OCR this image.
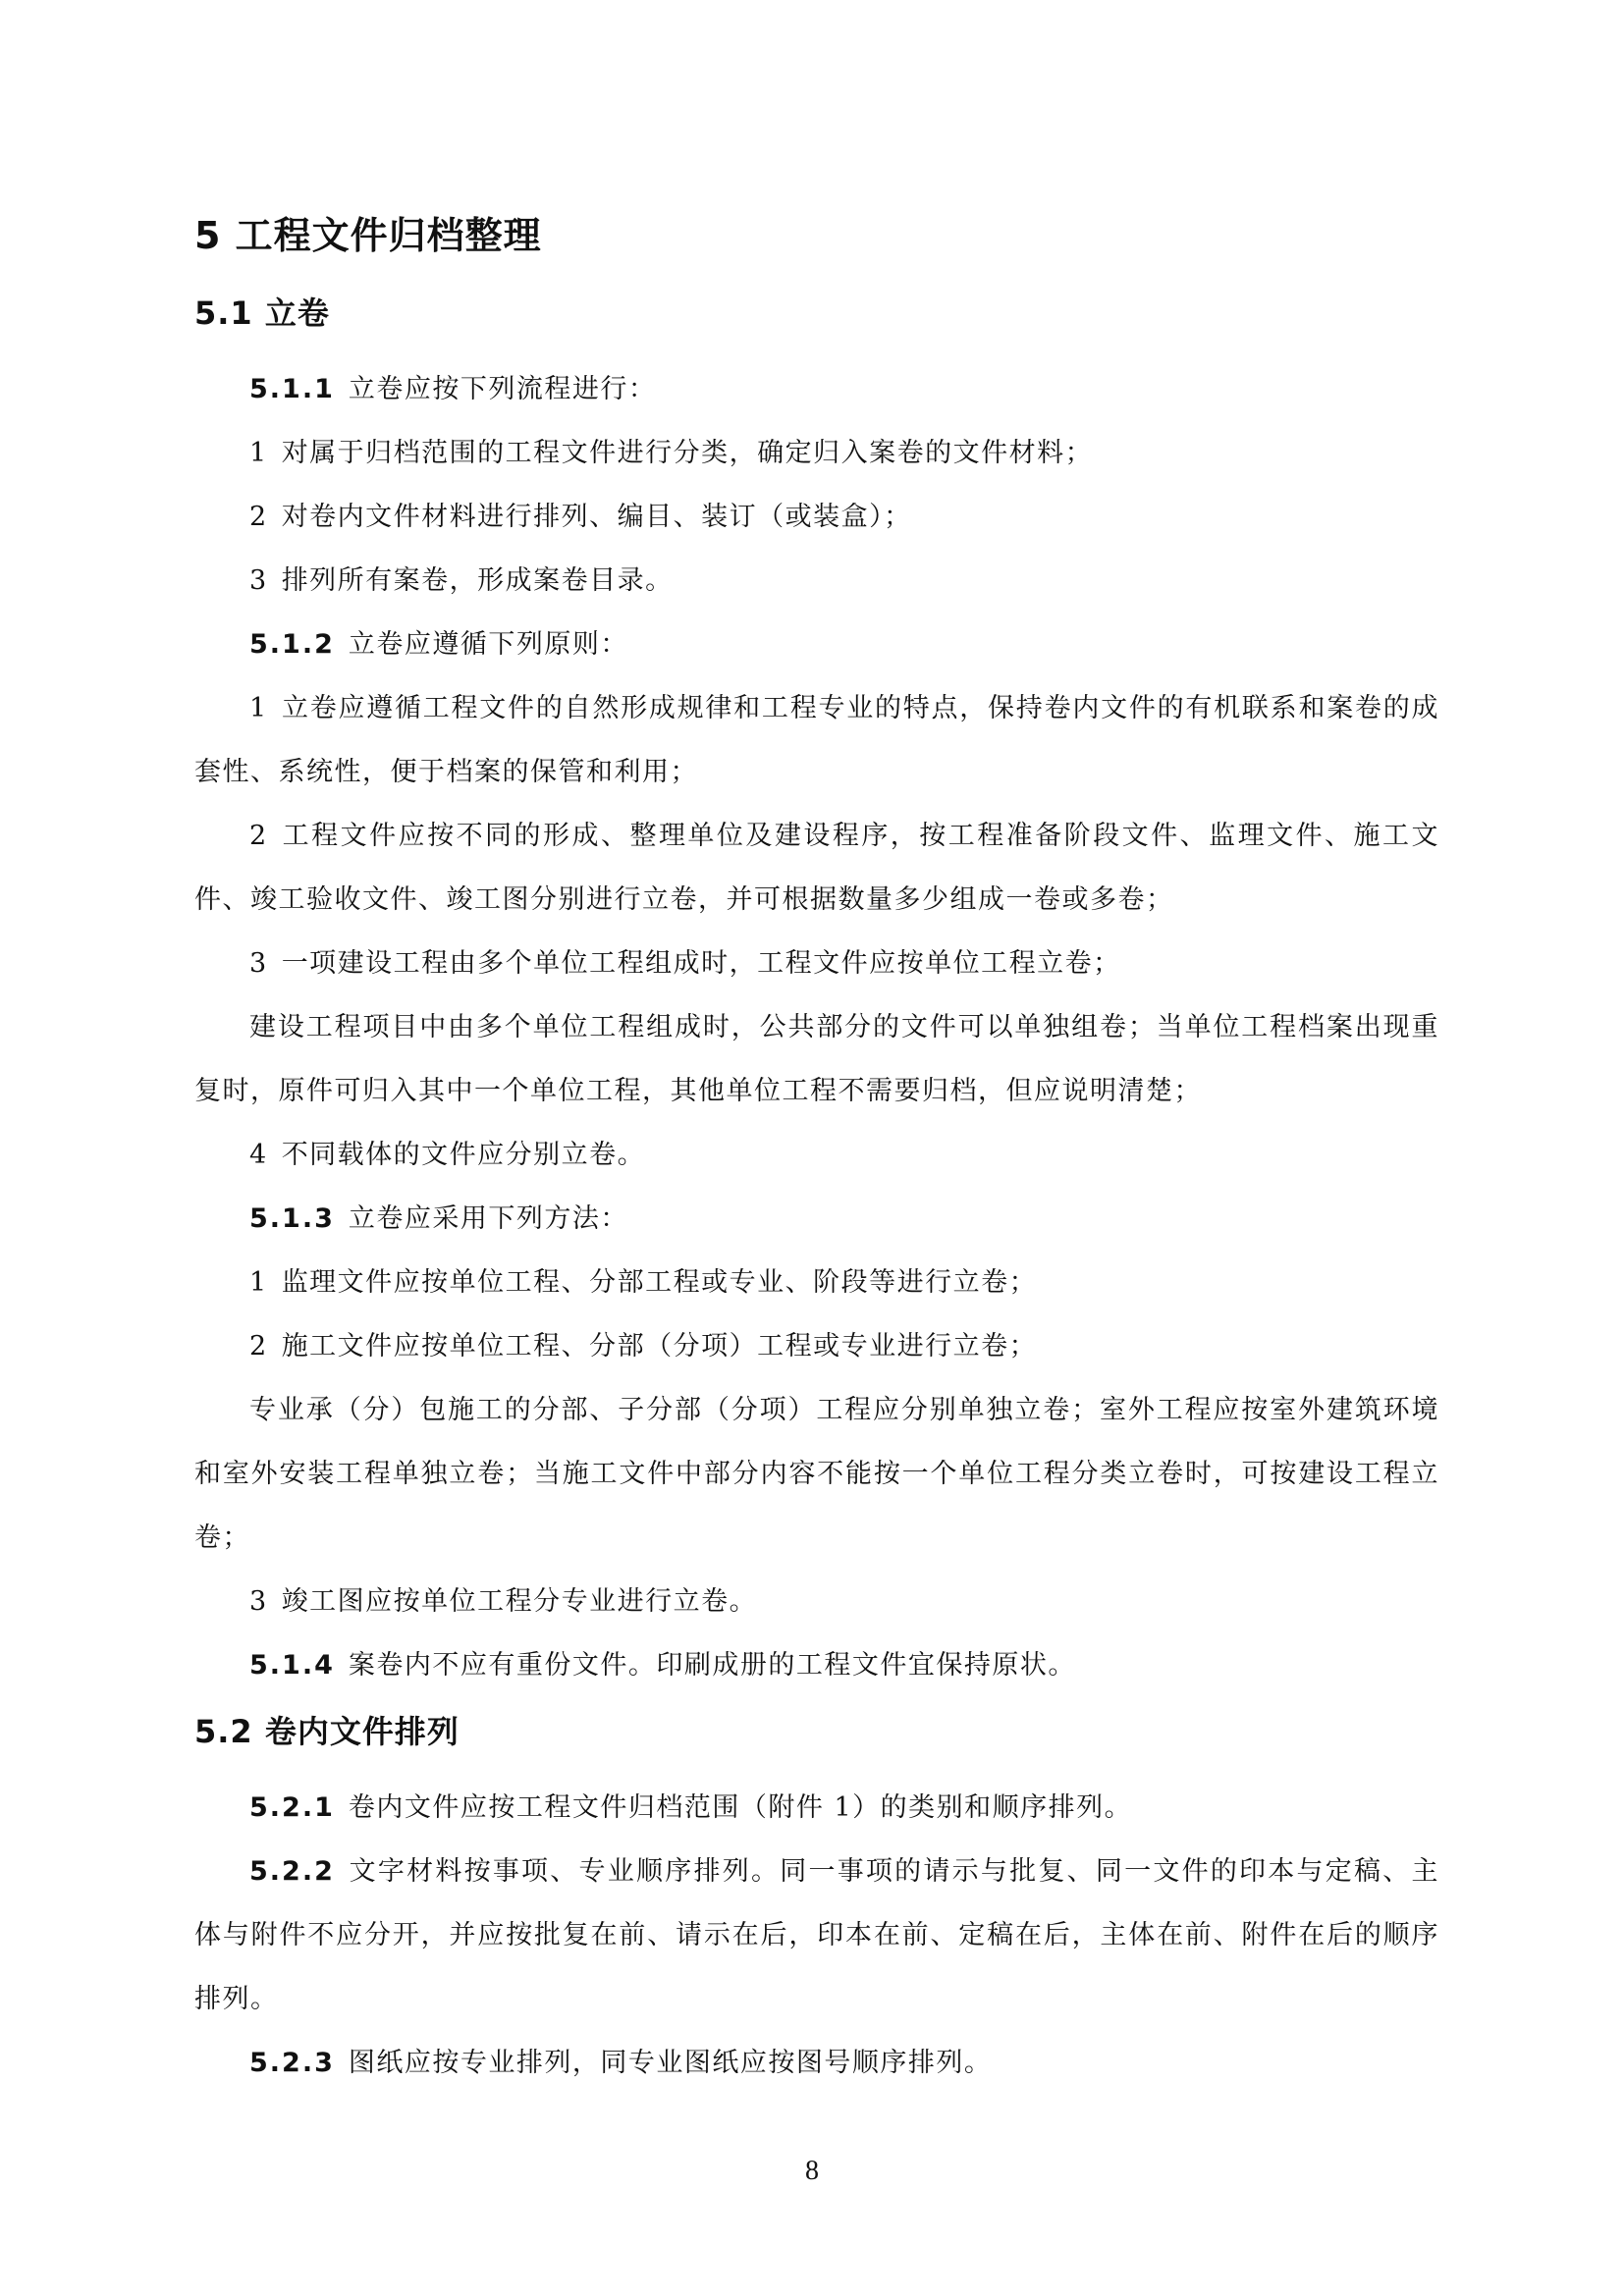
5 工程文件归档整理
5.1 立卷

5.1.1 立卷应按下列流程进行：

1 对属于归档范围的工程文件进行分类，确定归入案卷的文件材料；

2 对卷内文件材料进行排列、编目、装订（或装盒）；

3 排列所有案卷，形成案卷目录。

5.1.2 立卷应遵循下列原则：

1 立卷应遵循工程文件的自然形成规律和工程专业的特点，保持卷内文件的有机联系和案卷的成套性、系统性，便于档案的保管和利用；

2 工程文件应按不同的形成、整理单位及建设程序，按工程准备阶段文件、监理文件、施工文件、竣工验收文件、竣工图分别进行立卷，并可根据数量多少组成一卷或多卷；

3 一项建设工程由多个单位工程组成时，工程文件应按单位工程立卷；

建设工程项目中由多个单位工程组成时，公共部分的文件可以单独组卷；当单位工程档案出现重复时，原件可归入其中一个单位工程，其他单位工程不需要归档，但应说明清楚；

4 不同载体的文件应分别立卷。

5.1.3 立卷应采用下列方法：

1 监理文件应按单位工程、分部工程或专业、阶段等进行立卷；

2 施工文件应按单位工程、分部（分项）工程或专业进行立卷；

专业承（分）包施工的分部、子分部（分项）工程应分别单独立卷；室外工程应按室外建筑环境和室外安装工程单独立卷；当施工文件中部分内容不能按一个单位工程分类立卷时，可按建设工程立卷；

3 竣工图应按单位工程分专业进行立卷。

5.1.4 案卷内不应有重份文件。印刷成册的工程文件宜保持原状。

5.2 卷内文件排列

5.2.1 卷内文件应按工程文件归档范围（附件 1）的类别和顺序排列。

5.2.2 文字材料按事项、专业顺序排列。同一事项的请示与批复、同一文件的印本与定稿、主体与附件不应分开，并应按批复在前、请示在后，印本在前、定稿在后，主体在前、附件在后的顺序排列。

5.2.3 图纸应按专业排列，同专业图纸应按图号顺序排列。

8
